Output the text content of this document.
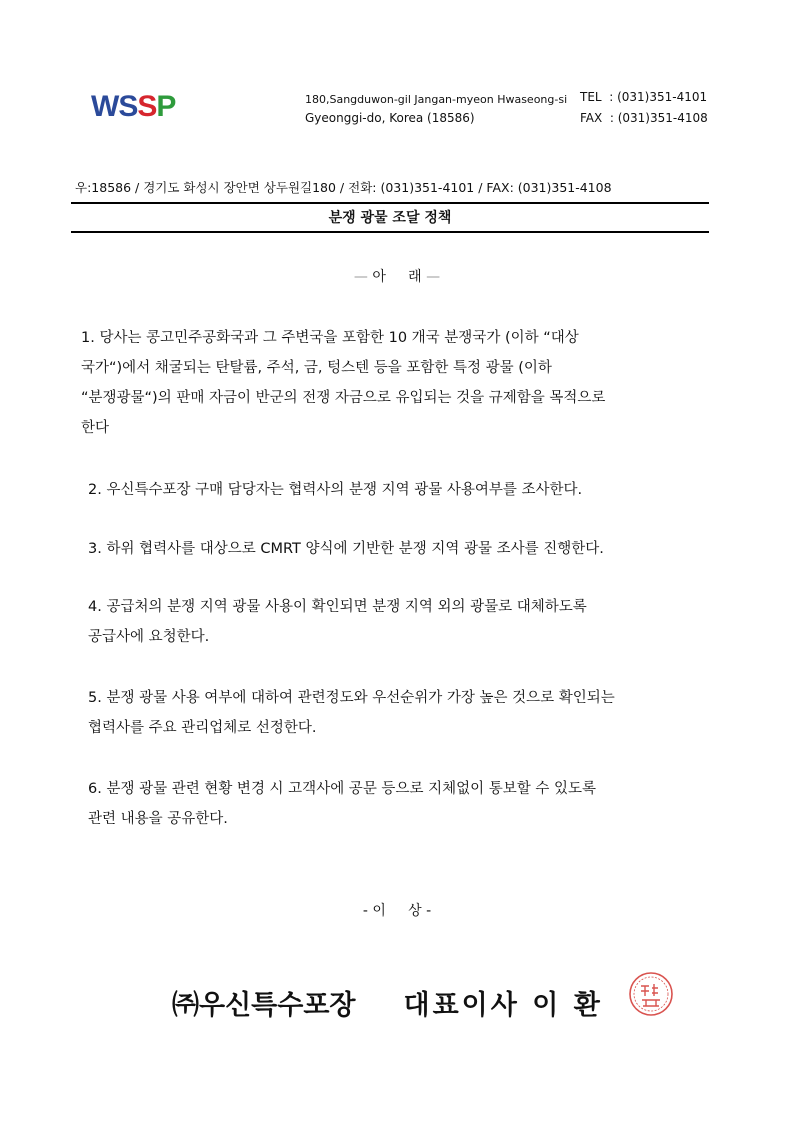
WSSP	180,Sangduwon-gil Jangan-myeon Hwaseong-si
Gyeonggi-do, Korea (18586)
TEL  : (031)351-4101
FAX  : (031)351-4108
우:18586 / 경기도 화성시 장안면 상두원길180 / 전화: (031)351-4101 / FAX: (031)351-4108
분쟁 광물 조달 정책
— 아     래 —
1. 당사는 콩고민주공화국과 그 주변국을 포함한 10 개국 분쟁국가 (이하 “대상
국가“)에서 채굴되는 탄탈륨, 주석, 금, 텅스텐 등을 포함한 특정 광물 (이하
“분쟁광물“)의 판매 자금이 반군의 전쟁 자금으로 유입되는 것을 규제함을 목적으로
한다
2. 우신특수포장 구매 담당자는 협력사의 분쟁 지역 광물 사용여부를 조사한다.
3. 하위 협력사를 대상으로 CMRT 양식에 기반한 분쟁 지역 광물 조사를 진행한다.
4. 공급처의 분쟁 지역 광물 사용이 확인되면 분쟁 지역 외의 광물로 대체하도록
공급사에 요청한다.
5. 분쟁 광물 사용 여부에 대하여 관련정도와 우선순위가 가장 높은 것으로 확인되는
협력사를 주요 관리업체로 선정한다.
6. 분쟁 광물 관련 현황 변경 시 고객사에 공문 등으로 지체없이 통보할 수 있도록
관련 내용을 공유한다.
- 이     상 -
㈜우신특수포장 대표이사 이 환
